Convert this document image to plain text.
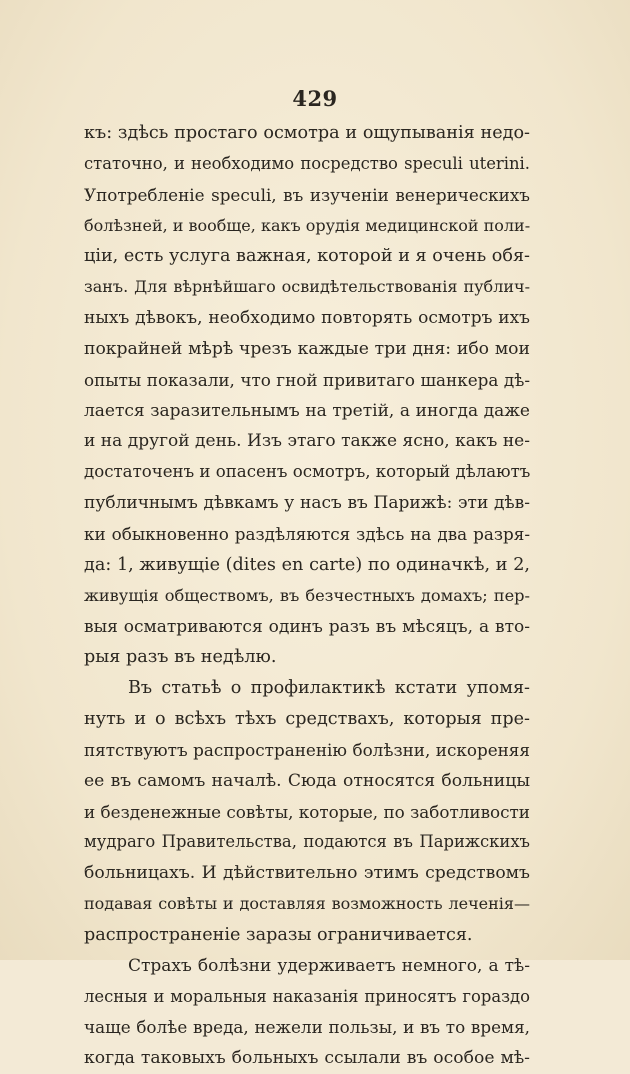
429
къ: здѣсь простаго осмотра и ощупыванія недо-
статочно, и необходимо посредство speculi uterini.
Употребленіе speculi, въ изученіи венерическихъ
болѣзней, и вообще, какъ орудія медицинской поли-
ціи, есть услуга важная, которой и я очень обя-
занъ. Для вѣрнѣйшаго освидѣтельствованія публич-
ныхъ дѣвокъ, необходимо повторять осмотръ ихъ
покрайней мѣрѣ чрезъ каждые три дня: ибо мои
опыты показали, что гной привитаго шанкера дѣ-
лается заразительнымъ на третій, а иногда даже
и на другой день. Изъ этаго также ясно, какъ не-
достаточенъ и опасенъ осмотръ, который дѣлаютъ
публичнымъ дѣвкамъ у насъ въ Парижѣ: эти дѣв-
ки обыкновенно раздѣляются здѣсь на два разря-
да: 1, живущіе (dites en carte) по одиначкѣ, и 2,
живущія обществомъ, въ безчестныхъ домахъ; пер-
выя осматриваются одинъ разъ въ мѣсяцъ, а вто-
рыя разъ въ недѣлю.
Въ статьѣ о профилактикѣ кстати упомя-
нуть и о всѣхъ тѣхъ средствахъ, которыя пре-
пятствуютъ распространенію болѣзни, искореняя
ее въ самомъ началѣ. Сюда относятся больницы
и безденежные совѣты, которые, по заботливости
мудраго Правительства, подаются въ Парижскихъ
больницахъ. И дѣйствительно этимъ средствомъ
подавая совѣты и доставляя возможность леченія—
распространеніе заразы ограничивается.
Страхъ болѣзни удерживаетъ немного, а тѣ-
лесныя и моральныя наказанія приносятъ гораздо
чаще болѣе вреда, нежели пользы, и въ то время,
когда таковыхъ больныхъ ссылали въ особое мѣ-
